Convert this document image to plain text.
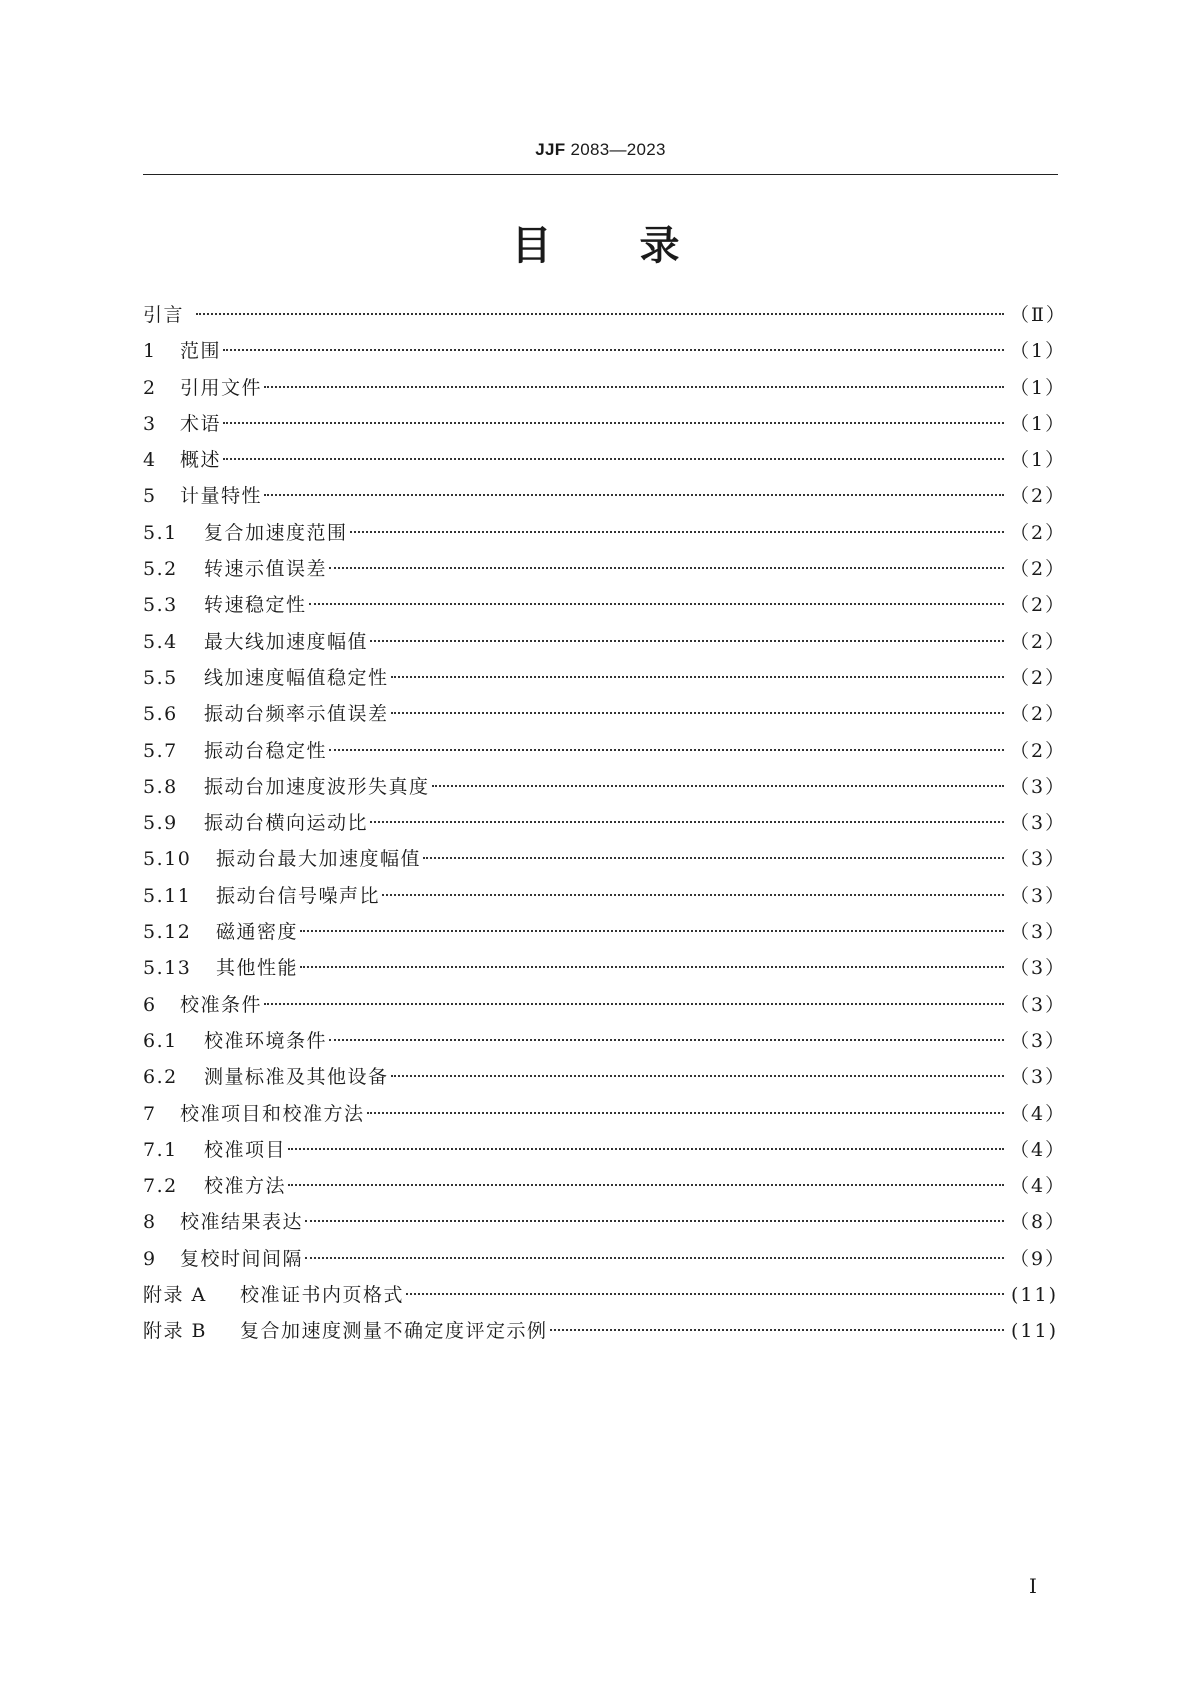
JJF 2083—2023
目录
引言	（Ⅱ）
1	范围	（1）
2	引用文件	（1）
3	术语	（1）
4	概述	（1）
5	计量特性	（2）
5.1	复合加速度范围	（2）
5.2	转速示值误差	（2）
5.3	转速稳定性	（2）
5.4	最大线加速度幅值	（2）
5.5	线加速度幅值稳定性	（2）
5.6	振动台频率示值误差	（2）
5.7	振动台稳定性	（2）
5.8	振动台加速度波形失真度	（3）
5.9	振动台横向运动比	（3）
5.10	振动台最大加速度幅值	（3）
5.11	振动台信号噪声比	（3）
5.12	磁通密度	（3）
5.13	其他性能	（3）
6	校准条件	（3）
6.1	校准环境条件	（3）
6.2	测量标准及其他设备	（3）
7	校准项目和校准方法	（4）
7.1	校准项目	（4）
7.2	校准方法	（4）
8	校准结果表达	（8）
9	复校时间间隔	（9）
附录 A	校准证书内页格式	(11)
附录 B	复合加速度测量不确定度评定示例	(11)
I
